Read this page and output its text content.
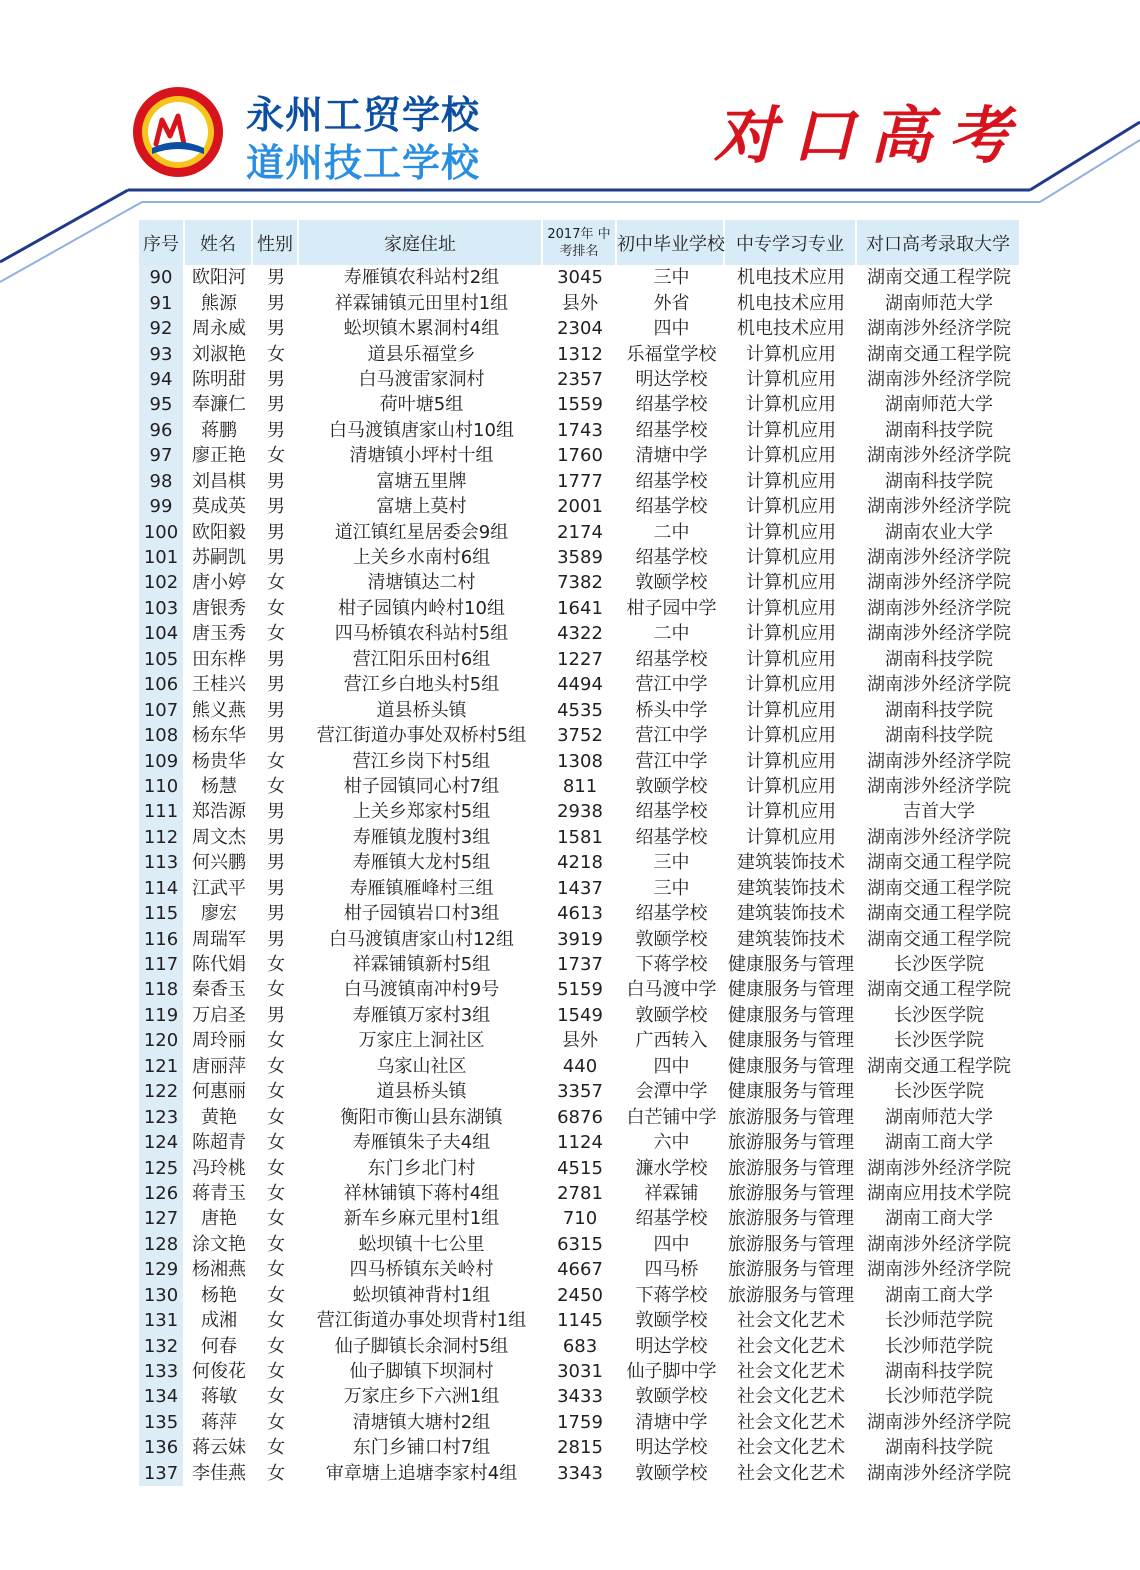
永州工贸学校
道州技工学校	对口高考
序号	姓名	性别	家庭住址	2017年 中考排名	初中毕业学校	中专学习专业	对口高考录取大学
90	欧阳河	男	寿雁镇农科站村2组	3045	三中	机电技术应用	湖南交通工程学院
91	熊源	男	祥霖铺镇元田里村1组	县外	外省	机电技术应用	湖南师范大学
92	周永威	男	蚣坝镇木累洞村4组	2304	四中	机电技术应用	湖南涉外经济学院
93	刘淑艳	女	道县乐福堂乡	1312	乐福堂学校	计算机应用	湖南交通工程学院
94	陈明甜	男	白马渡雷家洞村	2357	明达学校	计算机应用	湖南涉外经济学院
95	奉濂仁	男	荷叶塘5组	1559	绍基学校	计算机应用	湖南师范大学
96	蒋鹏	男	白马渡镇唐家山村10组	1743	绍基学校	计算机应用	湖南科技学院
97	廖正艳	女	清塘镇小坪村十组	1760	清塘中学	计算机应用	湖南涉外经济学院
98	刘昌棋	男	富塘五里牌	1777	绍基学校	计算机应用	湖南科技学院
99	莫成英	男	富塘上莫村	2001	绍基学校	计算机应用	湖南涉外经济学院
100	欧阳毅	男	道江镇红星居委会9组	2174	二中	计算机应用	湖南农业大学
101	苏嗣凯	男	上关乡水南村6组	3589	绍基学校	计算机应用	湖南涉外经济学院
102	唐小婷	女	清塘镇达二村	7382	敦颐学校	计算机应用	湖南涉外经济学院
103	唐银秀	女	柑子园镇内岭村10组	1641	柑子园中学	计算机应用	湖南涉外经济学院
104	唐玉秀	女	四马桥镇农科站村5组	4322	二中	计算机应用	湖南涉外经济学院
105	田东桦	男	营江阳乐田村6组	1227	绍基学校	计算机应用	湖南科技学院
106	王桂兴	男	营江乡白地头村5组	4494	营江中学	计算机应用	湖南涉外经济学院
107	熊义燕	男	道县桥头镇	4535	桥头中学	计算机应用	湖南科技学院
108	杨东华	男	营江街道办事处双桥村5组	3752	营江中学	计算机应用	湖南科技学院
109	杨贵华	女	营江乡岗下村5组	1308	营江中学	计算机应用	湖南涉外经济学院
110	杨慧	女	柑子园镇同心村7组	811	敦颐学校	计算机应用	湖南涉外经济学院
111	郑浩源	男	上关乡郑家村5组	2938	绍基学校	计算机应用	吉首大学
112	周文杰	男	寿雁镇龙腹村3组	1581	绍基学校	计算机应用	湖南涉外经济学院
113	何兴鹏	男	寿雁镇大龙村5组	4218	三中	建筑装饰技术	湖南交通工程学院
114	江武平	男	寿雁镇雁峰村三组	1437	三中	建筑装饰技术	湖南交通工程学院
115	廖宏	男	柑子园镇岩口村3组	4613	绍基学校	建筑装饰技术	湖南交通工程学院
116	周瑞军	男	白马渡镇唐家山村12组	3919	敦颐学校	建筑装饰技术	湖南交通工程学院
117	陈代娟	女	祥霖铺镇新村5组	1737	下蒋学校	健康服务与管理	长沙医学院
118	秦香玉	女	白马渡镇南冲村9号	5159	白马渡中学	健康服务与管理	湖南交通工程学院
119	万启圣	男	寿雁镇万家村3组	1549	敦颐学校	健康服务与管理	长沙医学院
120	周玲丽	女	万家庄上洞社区	县外	广西转入	健康服务与管理	长沙医学院
121	唐丽萍	女	乌家山社区	440	四中	健康服务与管理	湖南交通工程学院
122	何惠丽	女	道县桥头镇	3357	会潭中学	健康服务与管理	长沙医学院
123	黄艳	女	衡阳市衡山县东湖镇	6876	白芒铺中学	旅游服务与管理	湖南师范大学
124	陈超青	女	寿雁镇朱子夫4组	1124	六中	旅游服务与管理	湖南工商大学
125	冯玲桃	女	东门乡北门村	4515	濂水学校	旅游服务与管理	湖南涉外经济学院
126	蒋青玉	女	祥林铺镇下蒋村4组	2781	祥霖铺	旅游服务与管理	湖南应用技术学院
127	唐艳	女	新车乡麻元里村1组	710	绍基学校	旅游服务与管理	湖南工商大学
128	涂文艳	女	蚣坝镇十七公里	6315	四中	旅游服务与管理	湖南涉外经济学院
129	杨湘燕	女	四马桥镇东关岭村	4667	四马桥	旅游服务与管理	湖南涉外经济学院
130	杨艳	女	蚣坝镇神背村1组	2450	下蒋学校	旅游服务与管理	湖南工商大学
131	成湘	女	营江街道办事处坝背村1组	1145	敦颐学校	社会文化艺术	长沙师范学院
132	何春	女	仙子脚镇长余洞村5组	683	明达学校	社会文化艺术	长沙师范学院
133	何俊花	女	仙子脚镇下坝洞村	3031	仙子脚中学	社会文化艺术	湖南科技学院
134	蒋敏	女	万家庄乡下六洲1组	3433	敦颐学校	社会文化艺术	长沙师范学院
135	蒋萍	女	清塘镇大塘村2组	1759	清塘中学	社会文化艺术	湖南涉外经济学院
136	蒋云妹	女	东门乡铺口村7组	2815	明达学校	社会文化艺术	湖南科技学院
137	李佳燕	女	审章塘上追塘李家村4组	3343	敦颐学校	社会文化艺术	湖南涉外经济学院
